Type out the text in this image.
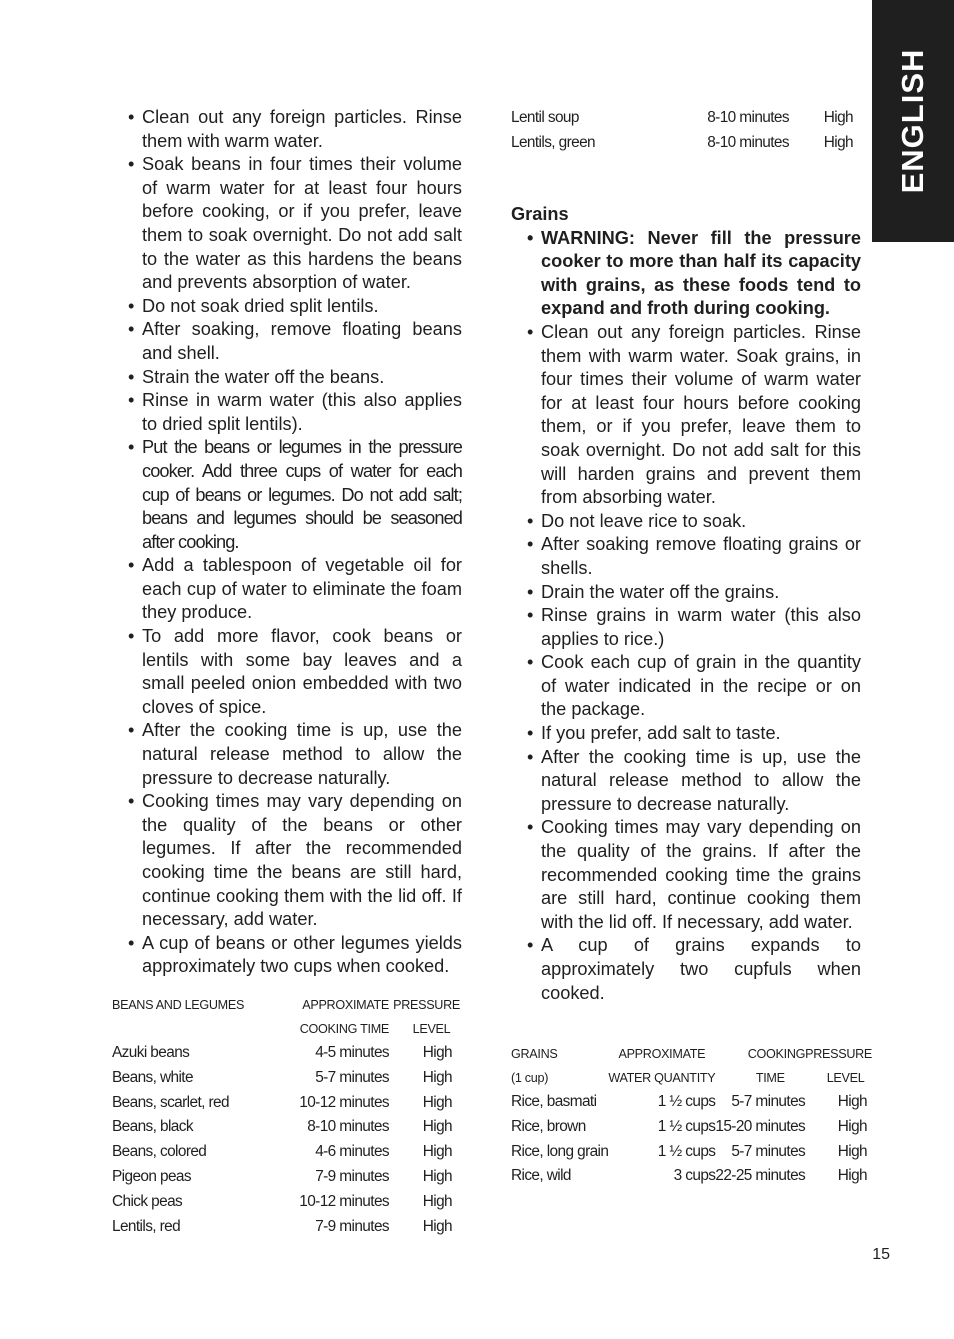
ENGLISH
• Clean out any foreign particles. Rinse them with warm water.
• Soak beans in four times their volume of warm water for at least four hours before cooking, or if you prefer, leave them to soak overnight. Do not add salt to the water as this hardens the beans and prevents absorption of water.
• Do not soak dried split lentils.
• After soaking, remove floating beans and shell.
• Strain the water off the beans.
• Rinse in warm water (this also applies to dried split lentils).
• Put the beans or legumes in the pressure cooker. Add three cups of water for each cup of beans or legumes. Do not add salt; beans and legumes should be seasoned after cooking.
• Add a tablespoon of vegetable oil for each cup of water to eliminate the foam they produce.
• To add more flavor, cook beans or lentils with some bay leaves and a small peeled onion embedded with two cloves of spice.
• After the cooking time is up, use the natural release method to allow the pressure to decrease naturally.
• Cooking times may vary depending on the quality of the beans or other legumes. If after the recommended cooking time the beans are still hard, continue cooking them with the lid off. If necessary, add water.
• A cup of beans or other legumes yields approximately two cups when cooked.
BEANS AND LEGUMES	APPROXIMATE	PRESSURE
	COOKING TIME	LEVEL
Azuki beans	4-5 minutes	High
Beans, white	5-7 minutes	High
Beans, scarlet, red	10-12 minutes	High
Beans, black	8-10 minutes	High
Beans, colored	4-6 minutes	High
Pigeon peas	7-9 minutes	High
Chick peas	10-12 minutes	High
Lentils, red	7-9 minutes	High
Lentil soup	8-10 minutes	High
Lentils, green	8-10 minutes	High
Grains
• WARNING: Never fill the pressure cooker to more than half its capacity with grains, as these foods tend to expand and froth during cooking.
• Clean out any foreign particles. Rinse them with warm water. Soak grains, in four times their volume of warm water for at least four hours before cooking them, or if you prefer, leave them to soak overnight. Do not add salt for this will harden grains and prevent them from absorbing water.
• Do not leave rice to soak.
• After soaking remove floating grains or shells.
• Drain the water off the grains.
• Rinse grains in warm water (this also applies to rice.)
• Cook each cup of grain in the quantity of water indicated in the recipe or on the package.
• If you prefer, add salt to taste.
• After the cooking time is up, use the natural release method to allow the pressure to decrease naturally.
• Cooking times may vary depending on the quality of the grains. If after the recommended cooking time the grains are still hard, continue cooking them with the lid off. If necessary, add water.
• A cup of grains expands to approximately two cupfuls when cooked.
GRAINS	APPROXIMATE	COOKING	PRESSURE
(1 cup)	WATER QUANTITY	TIME	LEVEL
Rice, basmati	1 ½ cups	5-7 minutes	High
Rice, brown	1 ½ cups	15-20 minutes	High
Rice, long grain	1 ½ cups	5-7 minutes	High
Rice, wild	3 cups	22-25 minutes	High
15
